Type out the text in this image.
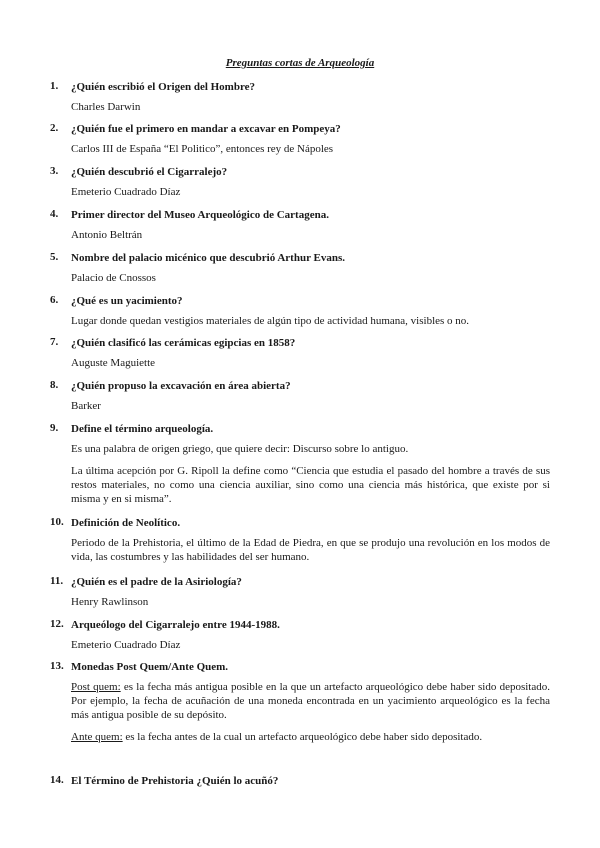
Preguntas cortas de Arqueología
1.	¿Quién escribió el Origen del Hombre?
Charles Darwin
2.	¿Quién fue el primero en mandar a excavar en Pompeya?
Carlos III de España “El Politico”, entonces rey de Nápoles
3.	¿Quién descubrió el Cigarralejo?
Emeterio Cuadrado Díaz
4.	Primer director del Museo Arqueológico de Cartagena.
Antonio Beltrán
5.	Nombre del palacio micénico que descubrió Arthur Evans.
Palacio de Cnossos
6.	¿Qué es un yacimiento?
Lugar donde quedan vestigios materiales de algún tipo de actividad humana, visibles o no.
7.	¿Quién clasificó las cerámicas egipcias en 1858?
Auguste Maguiette
8.	¿Quién propuso la excavación en área abierta?
Barker
9.	Define el término arqueología.
Es una palabra de origen griego, que quiere decir: Discurso sobre lo antiguo.
La última acepción por G. Ripoll la define como “Ciencia que estudia el pasado del hombre a través de sus restos materiales, no como una ciencia auxiliar, sino como una ciencia más histórica, que existe por si misma y en si misma”.
10. Definición de Neolítico.
Periodo de la Prehistoria, el último de la Edad de Piedra, en que se produjo una revolución en los modos de vida, las costumbres y las habilidades del ser humano.
11. ¿Quién es el padre de la Asiriología?
Henry Rawlinson
12. Arqueólogo del Cigarralejo entre 1944-1988.
Emeterio Cuadrado Díaz
13. Monedas Post Quem/Ante Quem.
Post quem: es la fecha más antigua posible en la que un artefacto arqueológico debe haber sido depositado. Por ejemplo, la fecha de acuñación de una moneda encontrada en un yacimiento arqueológico es la fecha más antigua posible de su depósito.
Ante quem: es la fecha antes de la cual un artefacto arqueológico debe haber sido depositado.
14. El Término de Prehistoria ¿Quién lo acuñó?
